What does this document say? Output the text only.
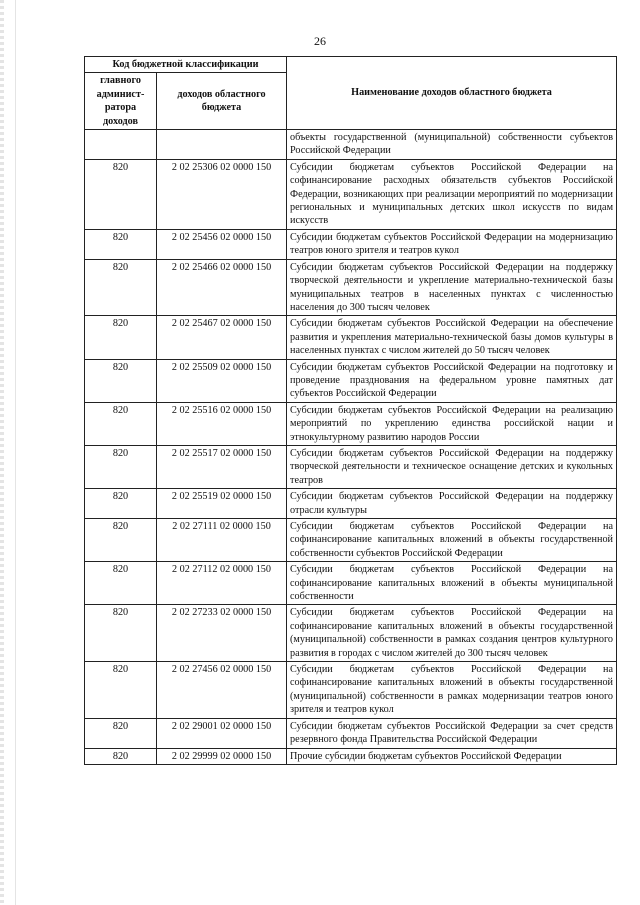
26
Код бюджетной классификации		Наименование доходов областного бюджета
главного админист-ратора доходов	доходов областного бюджета	
		объекты государственной (муниципальной) собственности субъектов Российской Федерации
820	2 02 25306 02 0000 150	Субсидии бюджетам субъектов Российской Федерации на софинансирование расходных обязательств субъектов Российской Федерации, возникающих при реализации мероприятий по модернизации региональных и муниципальных детских школ искусств по видам искусств
820	2 02 25456 02 0000 150	Субсидии бюджетам субъектов Российской Федерации на модернизацию театров юного зрителя и театров кукол
820	2 02 25466 02 0000 150	Субсидии бюджетам субъектов Российской Федерации на поддержку творческой деятельности и укрепление материально-технической базы муниципальных театров в населенных пунктах с численностью населения до 300 тысяч человек
820	2 02 25467 02 0000 150	Субсидии бюджетам субъектов Российской Федерации на обеспечение развития и укрепления материально-технической базы домов культуры в населенных пунктах с числом жителей до 50 тысяч человек
820	2 02 25509 02 0000 150	Субсидии бюджетам субъектов Российской Федерации на подготовку и проведение празднования на федеральном уровне памятных дат субъектов Российской Федерации
820	2 02 25516 02 0000 150	Субсидии бюджетам субъектов Российской Федерации на реализацию мероприятий по укреплению единства российской нации и этнокультурному развитию народов России
820	2 02 25517 02 0000 150	Субсидии бюджетам субъектов Российской Федерации на поддержку творческой деятельности и техническое оснащение детских и кукольных театров
820	2 02 25519 02 0000 150	Субсидии бюджетам субъектов Российской Федерации на поддержку отрасли культуры
820	2 02 27111 02 0000 150	Субсидии бюджетам субъектов Российской Федерации на софинансирование капитальных вложений в объекты государственной собственности субъектов Российской Федерации
820	2 02 27112 02 0000 150	Субсидии бюджетам субъектов Российской Федерации на софинансирование капитальных вложений в объекты муниципальной собственности
820	2 02 27233 02 0000 150	Субсидии бюджетам субъектов Российской Федерации на софинансирование капитальных вложений в объекты государственной (муниципальной) собственности в рамках создания центров культурного развития в городах с числом жителей до 300 тысяч человек
820	2 02 27456 02 0000 150	Субсидии бюджетам субъектов Российской Федерации на софинансирование капитальных вложений в объекты государственной (муниципальной) собственности в рамках модернизации театров юного зрителя и театров кукол
820	2 02 29001 02 0000 150	Субсидии бюджетам субъектов Российской Федерации за счет средств резервного фонда Правительства Российской Федерации
820	2 02 29999 02 0000 150	Прочие субсидии бюджетам субъектов Российской Федерации
